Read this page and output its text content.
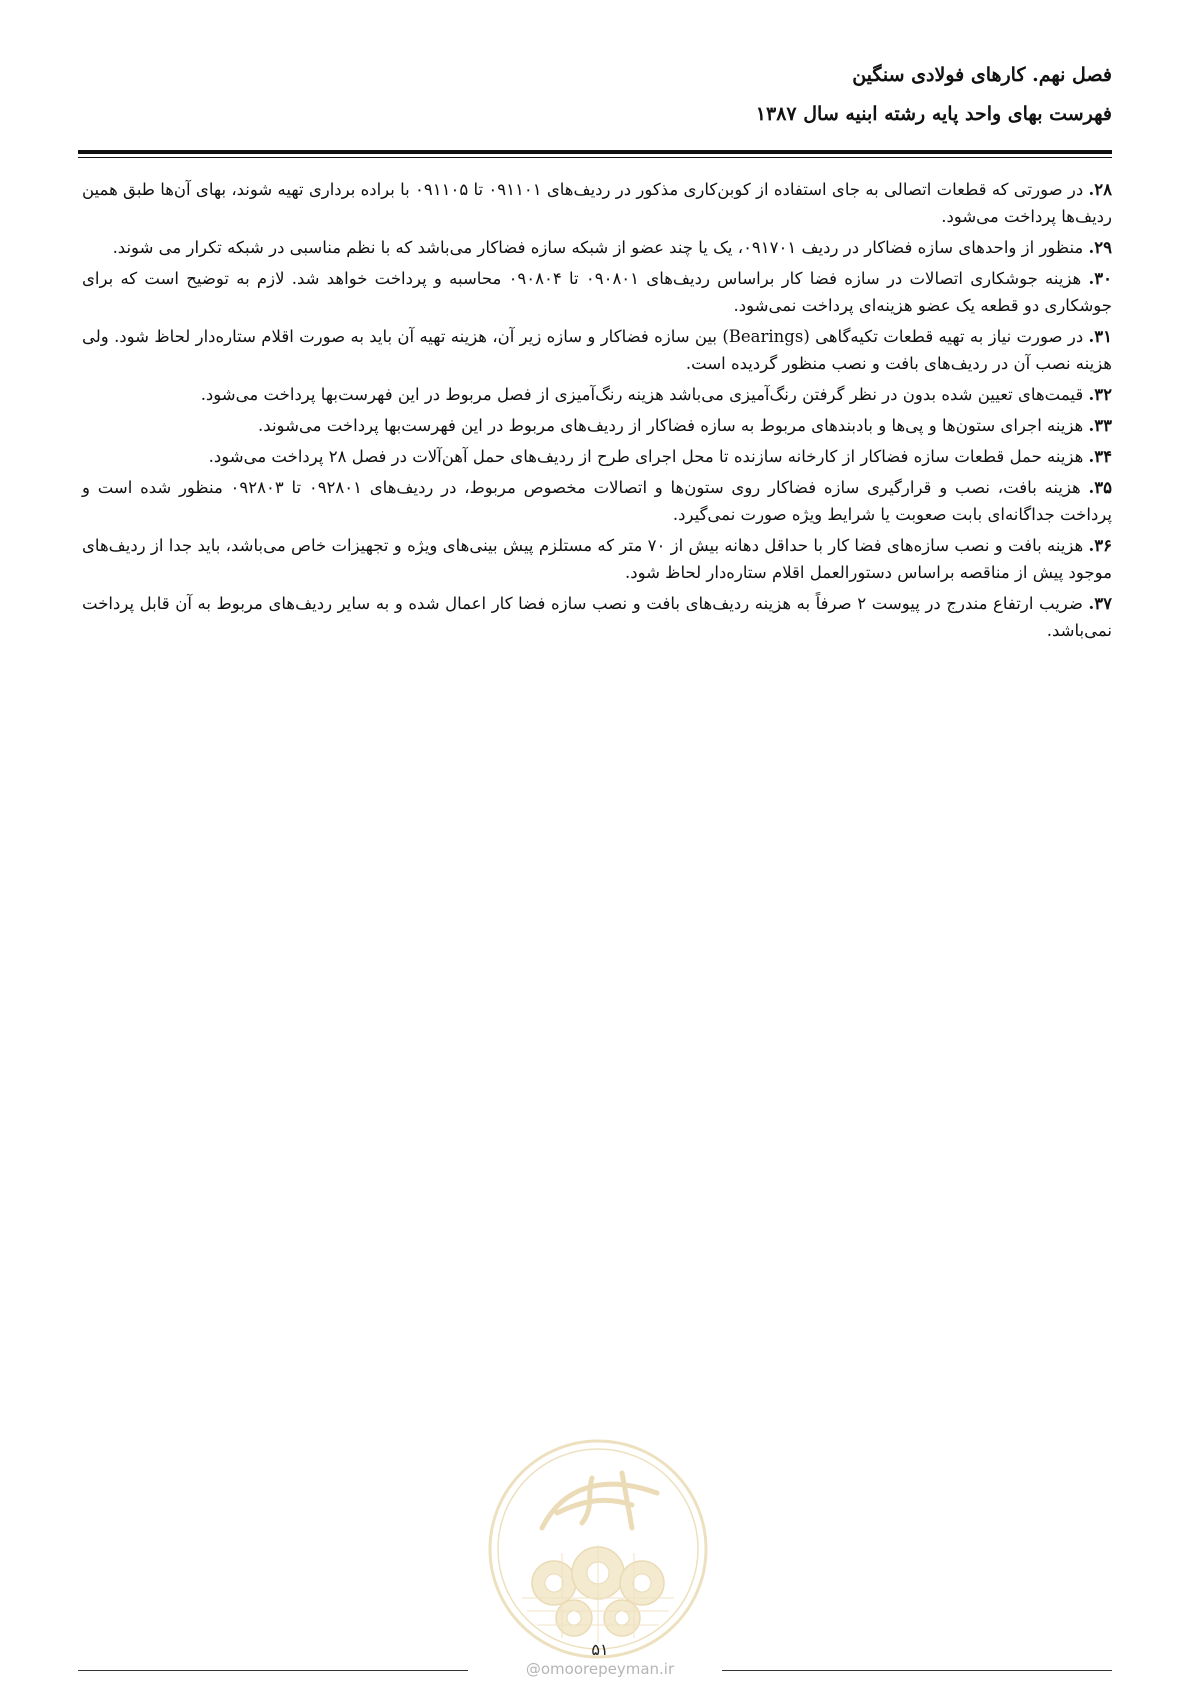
فصل نهم. کارهای فولادی سنگین
فهرست بهای واحد پایه رشته ابنیه سال ۱۳۸۷

۲۸. در صورتی که قطعات اتصالی به جای استفاده از کوبن‌کاری مذکور در ردیف‌های ۰۹۱۱۰۱ تا ۰۹۱۱۰۵ با براده برداری تهیه شوند، بهای آن‌ها طبق همین ردیف‌ها پرداخت می‌شود.

۲۹. منظور از واحدهای سازه فضاکار در ردیف ۰۹۱۷۰۱، یک یا چند عضو از شبکه سازه فضاکار می‌باشد که با نظم مناسبی در شبکه تکرار می شوند.

۳۰. هزینه جوشکاری اتصالات در سازه فضا کار براساس ردیف‌های ۰۹۰۸۰۱ تا ۰۹۰۸۰۴ محاسبه و پرداخت خواهد شد. لازم به توضیح است که برای جوشکاری دو قطعه یک عضو هزینه‌ای پرداخت نمی‌شود.

۳۱. در صورت نیاز به تهیه قطعات تکیه‌گاهی (Bearings) بین سازه فضاکار و سازه زیر آن، هزینه تهیه آن باید به صورت اقلام ستاره‌دار لحاظ شود. ولی هزینه نصب آن در ردیف‌های بافت و نصب منظور گردیده است.

۳۲. قیمت‌های تعیین شده بدون در نظر گرفتن رنگ‌آمیزی می‌باشد هزینه رنگ‌آمیزی از فصل مربوط در این فهرست‌بها پرداخت می‌شود.

۳۳. هزینه اجرای ستون‌ها و پی‌ها و بادبندهای مربوط به سازه فضاکار از ردیف‌های مربوط در این فهرست‌بها پرداخت می‌شوند.

۳۴. هزینه حمل قطعات سازه فضاکار از کارخانه سازنده تا محل اجرای طرح از ردیف‌های حمل آهن‌آلات در فصل ۲۸ پرداخت می‌شود.

۳۵. هزینه بافت، نصب و قرارگیری سازه فضاکار روی ستون‌ها و اتصالات مخصوص مربوط، در ردیف‌های ۰۹۲۸۰۱ تا ۰۹۲۸۰۳ منظور شده است و پرداخت جداگانه‌ای بابت صعوبت یا شرایط ویژه صورت نمی‌گیرد.

۳۶. هزینه بافت و نصب سازه‌های فضا کار با حداقل دهانه بیش از ۷۰ متر که مستلزم پیش بینی‌های ویژه و تجهیزات خاص می‌باشد، باید جدا از ردیف‌های موجود پیش از مناقصه براساس دستورالعمل اقلام ستاره‌دار لحاظ شود.

۳۷. ضریب ارتفاع مندرج در پیوست ۲ صرفاً به هزینه ردیف‌های بافت و نصب سازه فضا کار اعمال شده و به سایر ردیف‌های مربوط به آن قابل پرداخت نمی‌باشد.

۵۱
@omoorepeyman.ir
